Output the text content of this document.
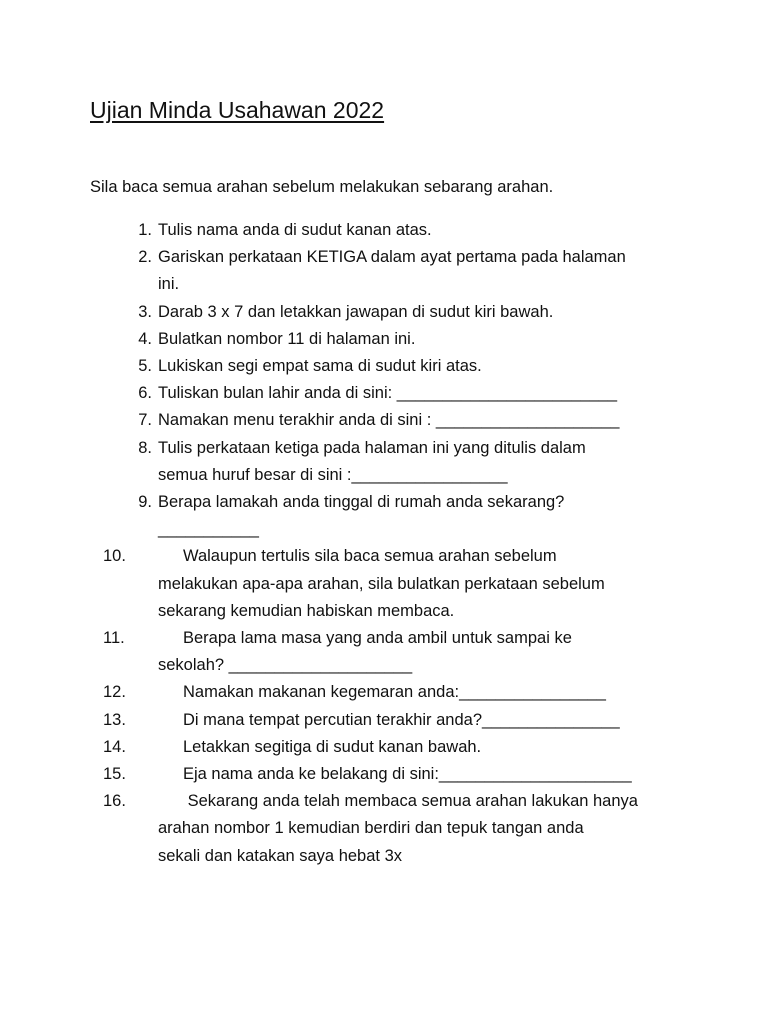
Ujian Minda Usahawan 2022
Sila baca semua arahan sebelum melakukan sebarang arahan.
1. Tulis nama anda di sudut kanan atas.
2. Gariskan perkataan KETIGA dalam ayat pertama pada halaman
ini.
3. Darab 3 x 7 dan letakkan jawapan di sudut kiri bawah.
4. Bulatkan nombor 11 di halaman ini.
5. Lukiskan segi empat sama di sudut kiri atas.
6. Tuliskan bulan lahir anda di sini: ________________________
7. Namakan menu terakhir anda di sini : ____________________
8. Tulis perkataan ketiga pada halaman ini yang ditulis dalam
semua huruf besar di sini :_________________
9. Berapa lamakah anda tinggal di rumah anda sekarang?
___________
10.	Walaupun tertulis sila baca semua arahan sebelum
melakukan apa-apa arahan, sila bulatkan perkataan sebelum
sekarang kemudian habiskan membaca.
11.	Berapa lama masa yang anda ambil untuk sampai ke
sekolah? ____________________
12.	Namakan makanan kegemaran anda:________________
13.	Di mana tempat percutian terakhir anda?_______________
14.	Letakkan segitiga di sudut kanan bawah.
15.	Eja nama anda ke belakang di sini:_____________________
16.	Sekarang anda telah membaca semua arahan lakukan hanya
arahan nombor 1 kemudian berdiri dan tepuk tangan anda
sekali dan katakan saya hebat 3x
